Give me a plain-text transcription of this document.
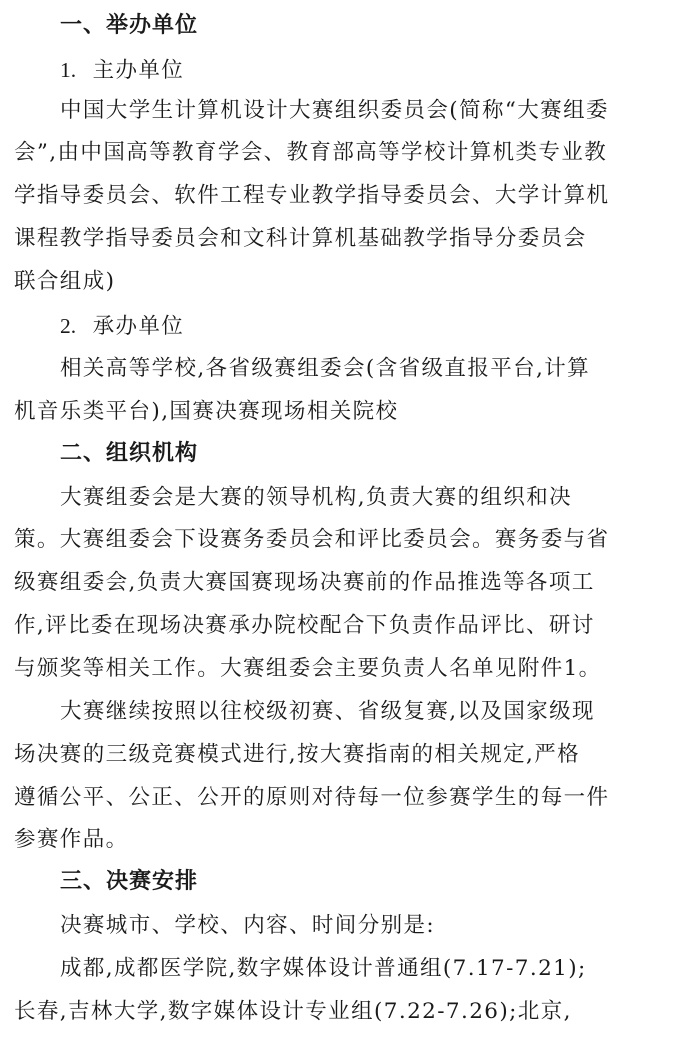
一、举办单位
1. 主办单位
中国大学生计算机设计大赛组织委员会(简称“大赛组委
会”,由中国高等教育学会、教育部高等学校计算机类专业教
学指导委员会、软件工程专业教学指导委员会、大学计算机
课程教学指导委员会和文科计算机基础教学指导分委员会
联合组成)
2. 承办单位
相关高等学校,各省级赛组委会(含省级直报平台,计算
机音乐类平台),国赛决赛现场相关院校
二、组织机构
大赛组委会是大赛的领导机构,负责大赛的组织和决
策。大赛组委会下设赛务委员会和评比委员会。赛务委与省
级赛组委会,负责大赛国赛现场决赛前的作品推选等各项工
作,评比委在现场决赛承办院校配合下负责作品评比、研讨
与颁奖等相关工作。大赛组委会主要负责人名单见附件1。
大赛继续按照以往校级初赛、省级复赛,以及国家级现
场决赛的三级竞赛模式进行,按大赛指南的相关规定,严格
遵循公平、公正、公开的原则对待每一位参赛学生的每一件
参赛作品。
三、决赛安排
决赛城市、学校、内容、时间分别是:
成都,成都医学院,数字媒体设计普通组(7.17-7.21);
长春,吉林大学,数字媒体设计专业组(7.22-7.26);北京,
